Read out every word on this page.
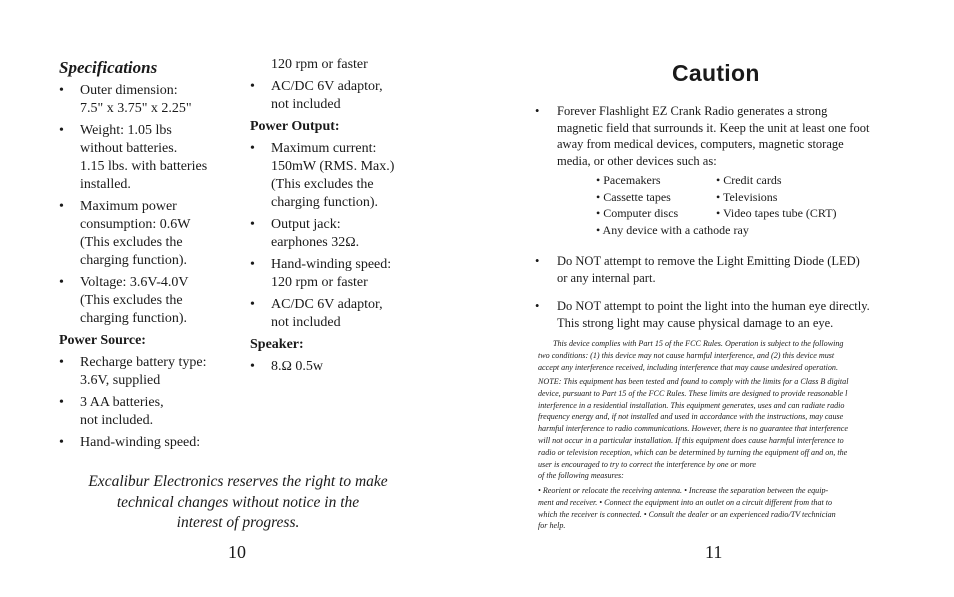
Specifications
• Outer dimension:
7.5" x 3.75" x 2.25"
• Weight: 1.05 lbs
without batteries.
1.15 lbs. with batteries
installed.
• Maximum power
consumption: 0.6W
(This excludes the
charging function).
• Voltage: 3.6V-4.0V
(This excludes the
charging function).
Power Source:
• Recharge battery type:
3.6V, supplied
• 3 AA batteries,
not included.
• Hand-winding speed:
120 rpm or faster
• AC/DC 6V adaptor,
not included
Power Output:
• Maximum current:
150mW (RMS. Max.)
(This excludes the
charging function).
• Output jack:
earphones 32Ω.
• Hand-winding speed:
120 rpm or faster
• AC/DC 6V adaptor,
not included
Speaker:
• 8.Ω 0.5w
Excalibur Electronics reserves the right to make
technical changes without notice in the
interest of progress.
10
Caution
• Forever Flashlight EZ Crank Radio generates a strong
magnetic field that surrounds it. Keep the unit at least one foot
away from medical devices, computers, magnetic storage
media, or other devices such as:
• Pacemakers	• Credit cards
• Cassette tapes	• Televisions
• Computer discs	• Video tapes tube (CRT)
• Any device with a cathode ray
• Do NOT attempt to remove the Light Emitting Diode (LED)
or any internal part.
• Do NOT attempt to point the light into the human eye directly.
This strong light may cause physical damage to an eye.

This device complies with Part 15 of the FCC Rules. Operation is subject to the following

two conditions: (1) this device may not cause harmful interference, and (2) this device must

accept any interference received, including interference that may cause undesired operation.

NOTE: This equipment has been tested and found to comply with the limits for a Class B digital

device, pursuant to Part 15 of the FCC Rules. These limits are designed to provide reasonable l

interference in a residential installation. This equipment generates, uses and can radiate radio

frequency energy and, if not installed and used in accordance with the instructions, may cause

harmful interference to radio communications. However, there is no guarantee that interference

will not occur in a particular installation. If this equipment does cause harmful interference to

radio or television reception, which can be determined by turning the equipment off and on, the

user is encouraged to try to correct the interference by one or more

of the following measures:

• Reorient or relocate the receiving antenna. • Increase the separation between the equip-

ment and receiver. • Connect the equipment into an outlet on a circuit different from that to

which the receiver is connected. • Consult the dealer or an experienced radio/TV technician

for help.

11
